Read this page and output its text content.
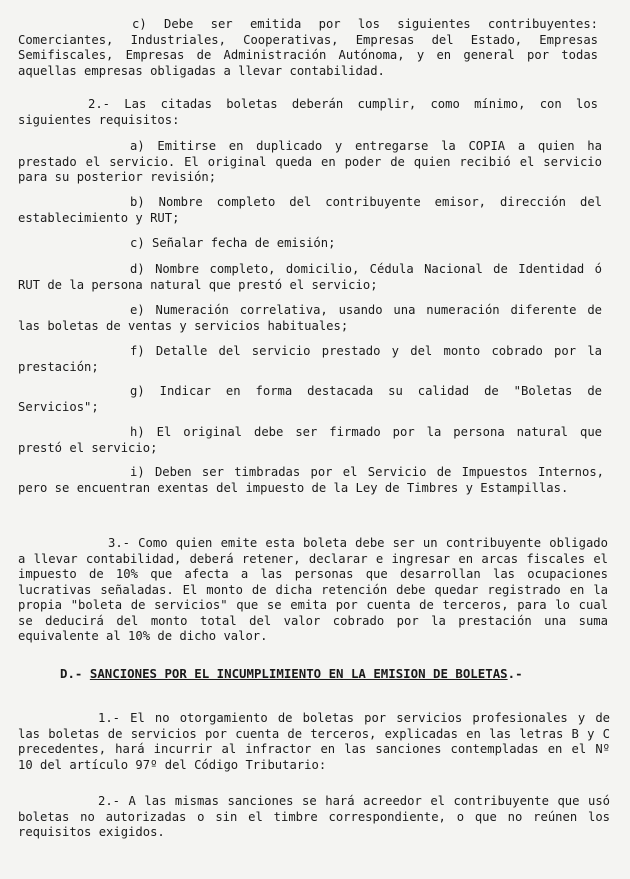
c) Debe ser emitida por los siguientes contribuyentes: Comerciantes, Industriales, Cooperativas, Empresas del Estado, Empresas Semifiscales, Empresas de Administración Autónoma, y en general por todas aquellas empresas obligadas a llevar contabilidad.

2.- Las citadas boletas deberán cumplir, como mínimo, con los siguientes requisitos:

a) Emitirse en duplicado y entregarse la COPIA a quien ha prestado el servicio. El original queda en poder de quien recibió el servicio para su posterior revisión;

b) Nombre completo del contribuyente emisor, dirección del establecimiento y RUT;

c) Señalar fecha de emisión;

d) Nombre completo, domicilio, Cédula Nacional de Identidad ó RUT de la persona natural que prestó el servicio;

e) Numeración correlativa, usando una numeración diferente de las boletas de ventas y servicios habituales;

f) Detalle del servicio prestado y del monto cobrado por la prestación;

g) Indicar en forma destacada su calidad de "Boletas de Servicios";

h) El original debe ser firmado por la persona natural que prestó el servicio;

i) Deben ser timbradas por el Servicio de Impuestos Internos, pero se encuentran exentas del impuesto de la Ley de Timbres y Estampillas.

3.- Como quien emite esta boleta debe ser un contribuyente obligado a llevar contabilidad, deberá retener, declarar e ingresar en arcas fiscales el impuesto de 10% que afecta a las personas que desarrollan las ocupaciones lucrativas señaladas. El monto de dicha retención debe quedar registrado en la propia "boleta de servicios" que se emita por cuenta de terceros, para lo cual se deducirá del monto total del valor cobrado por la prestación una suma equivalente al 10% de dicho valor.

D.- SANCIONES POR EL INCUMPLIMIENTO EN LA EMISION DE BOLETAS.-

1.- El no otorgamiento de boletas por servicios profesionales y de las boletas de servicios por cuenta de terceros, explicadas en las letras B y C precedentes, hará incurrir al infractor en las sanciones contempladas en el Nº 10 del artículo 97º del Código Tributario:

2.- A las mismas sanciones se hará acreedor el contribuyente que usó boletas no autorizadas o sin el timbre correspondiente, o que no reúnen los requisitos exigidos.
